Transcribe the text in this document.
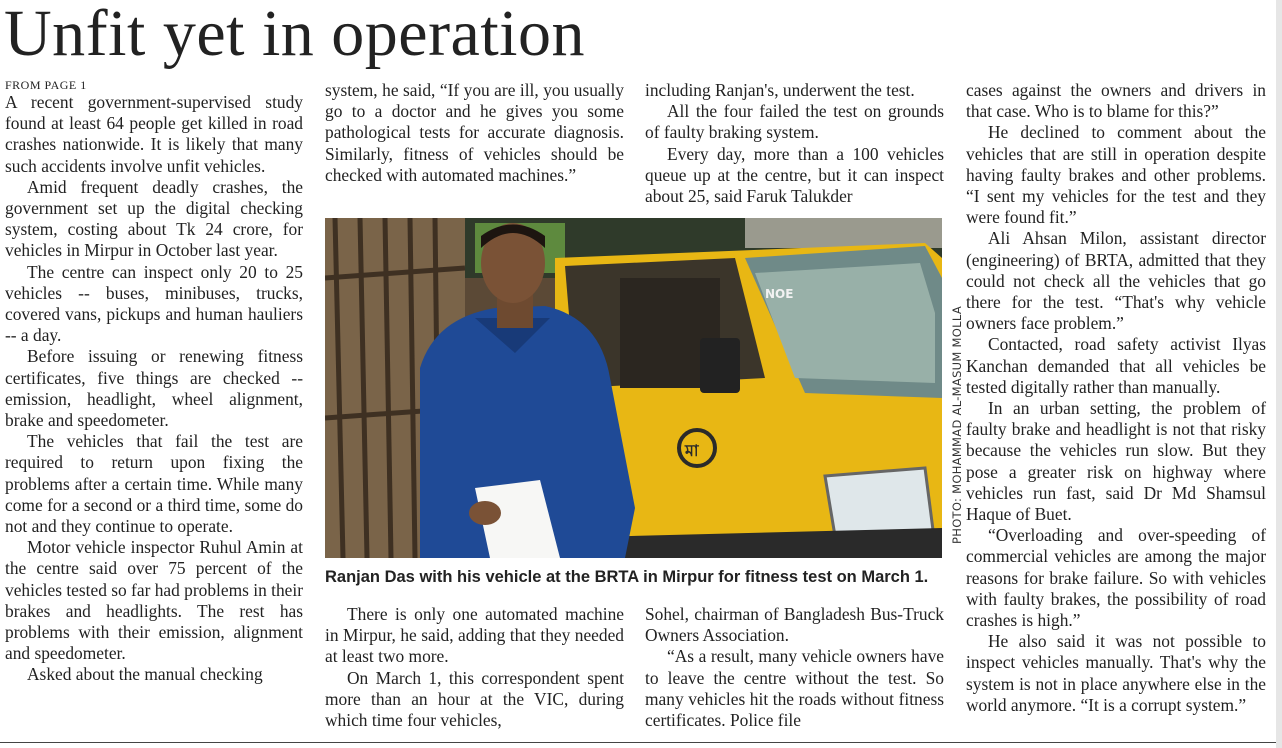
Unfit yet in operation

FROM PAGE 1

A recent government-supervised study found at least 64 people get killed in road crashes nationwide. It is likely that many such accidents involve unfit vehicles.

Amid frequent deadly crashes, the government set up the digital checking system, costing about Tk 24 crore, for vehicles in Mirpur in October last year.

The centre can inspect only 20 to 25 vehicles -- buses, minibuses, trucks, covered vans, pickups and human hauliers -- a day.

Before issuing or renewing fitness certificates, five things are checked -- emission, headlight, wheel alignment, brake and speedometer.

The vehicles that fail the test are required to return upon fixing the problems after a certain time. While many come for a second or a third time, some do not and they continue to operate.

Motor vehicle inspector Ruhul Amin at the centre said over 75 percent of the vehicles tested so far had problems in their brakes and headlights. The rest has problems with their emission, alignment and speedometer.

Asked about the manual checking

system, he said, “If you are ill, you usually go to a doctor and he gives you some pathological tests for accurate diagnosis. Similarly, fitness of vehicles should be checked with automated machines.”

including Ranjan's, underwent the test.

All the four failed the test on grounds of faulty braking system.

Every day, more than a 100 vehicles queue up at the centre, but it can inspect about 25, said Faruk Talukder

মা
NOE
PHOTO: MOHAMMAD AL-MASUM MOLLA
Ranjan Das with his vehicle at the BRTA in Mirpur for fitness test on March 1.

There is only one automated machine in Mirpur, he said, adding that they needed at least two more.

On March 1, this correspondent spent more than an hour at the VIC, during which time four vehicles,

Sohel, chairman of Bangladesh Bus-Truck Owners Association.

“As a result, many vehicle owners have to leave the centre without the test. So many vehicles hit the roads without fitness certificates. Police file

cases against the owners and drivers in that case. Who is to blame for this?”

He declined to comment about the vehicles that are still in operation despite having faulty brakes and other problems. “I sent my vehicles for the test and they were found fit.”

Ali Ahsan Milon, assistant director (engineering) of BRTA, admitted that they could not check all the vehicles that go there for the test. “That's why vehicle owners face problem.”

Contacted, road safety activist Ilyas Kanchan demanded that all vehicles be tested digitally rather than manually.

In an urban setting, the problem of faulty brake and headlight is not that risky because the vehicles run slow. But they pose a greater risk on highway where vehicles run fast, said Dr Md Shamsul Haque of Buet.

“Overloading and over-speeding of commercial vehicles are among the major reasons for brake failure. So with vehicles with faulty brakes, the possibility of road crashes is high.”

He also said it was not possible to inspect vehicles manually. That's why the system is not in place anywhere else in the world anymore. “It is a corrupt system.”
